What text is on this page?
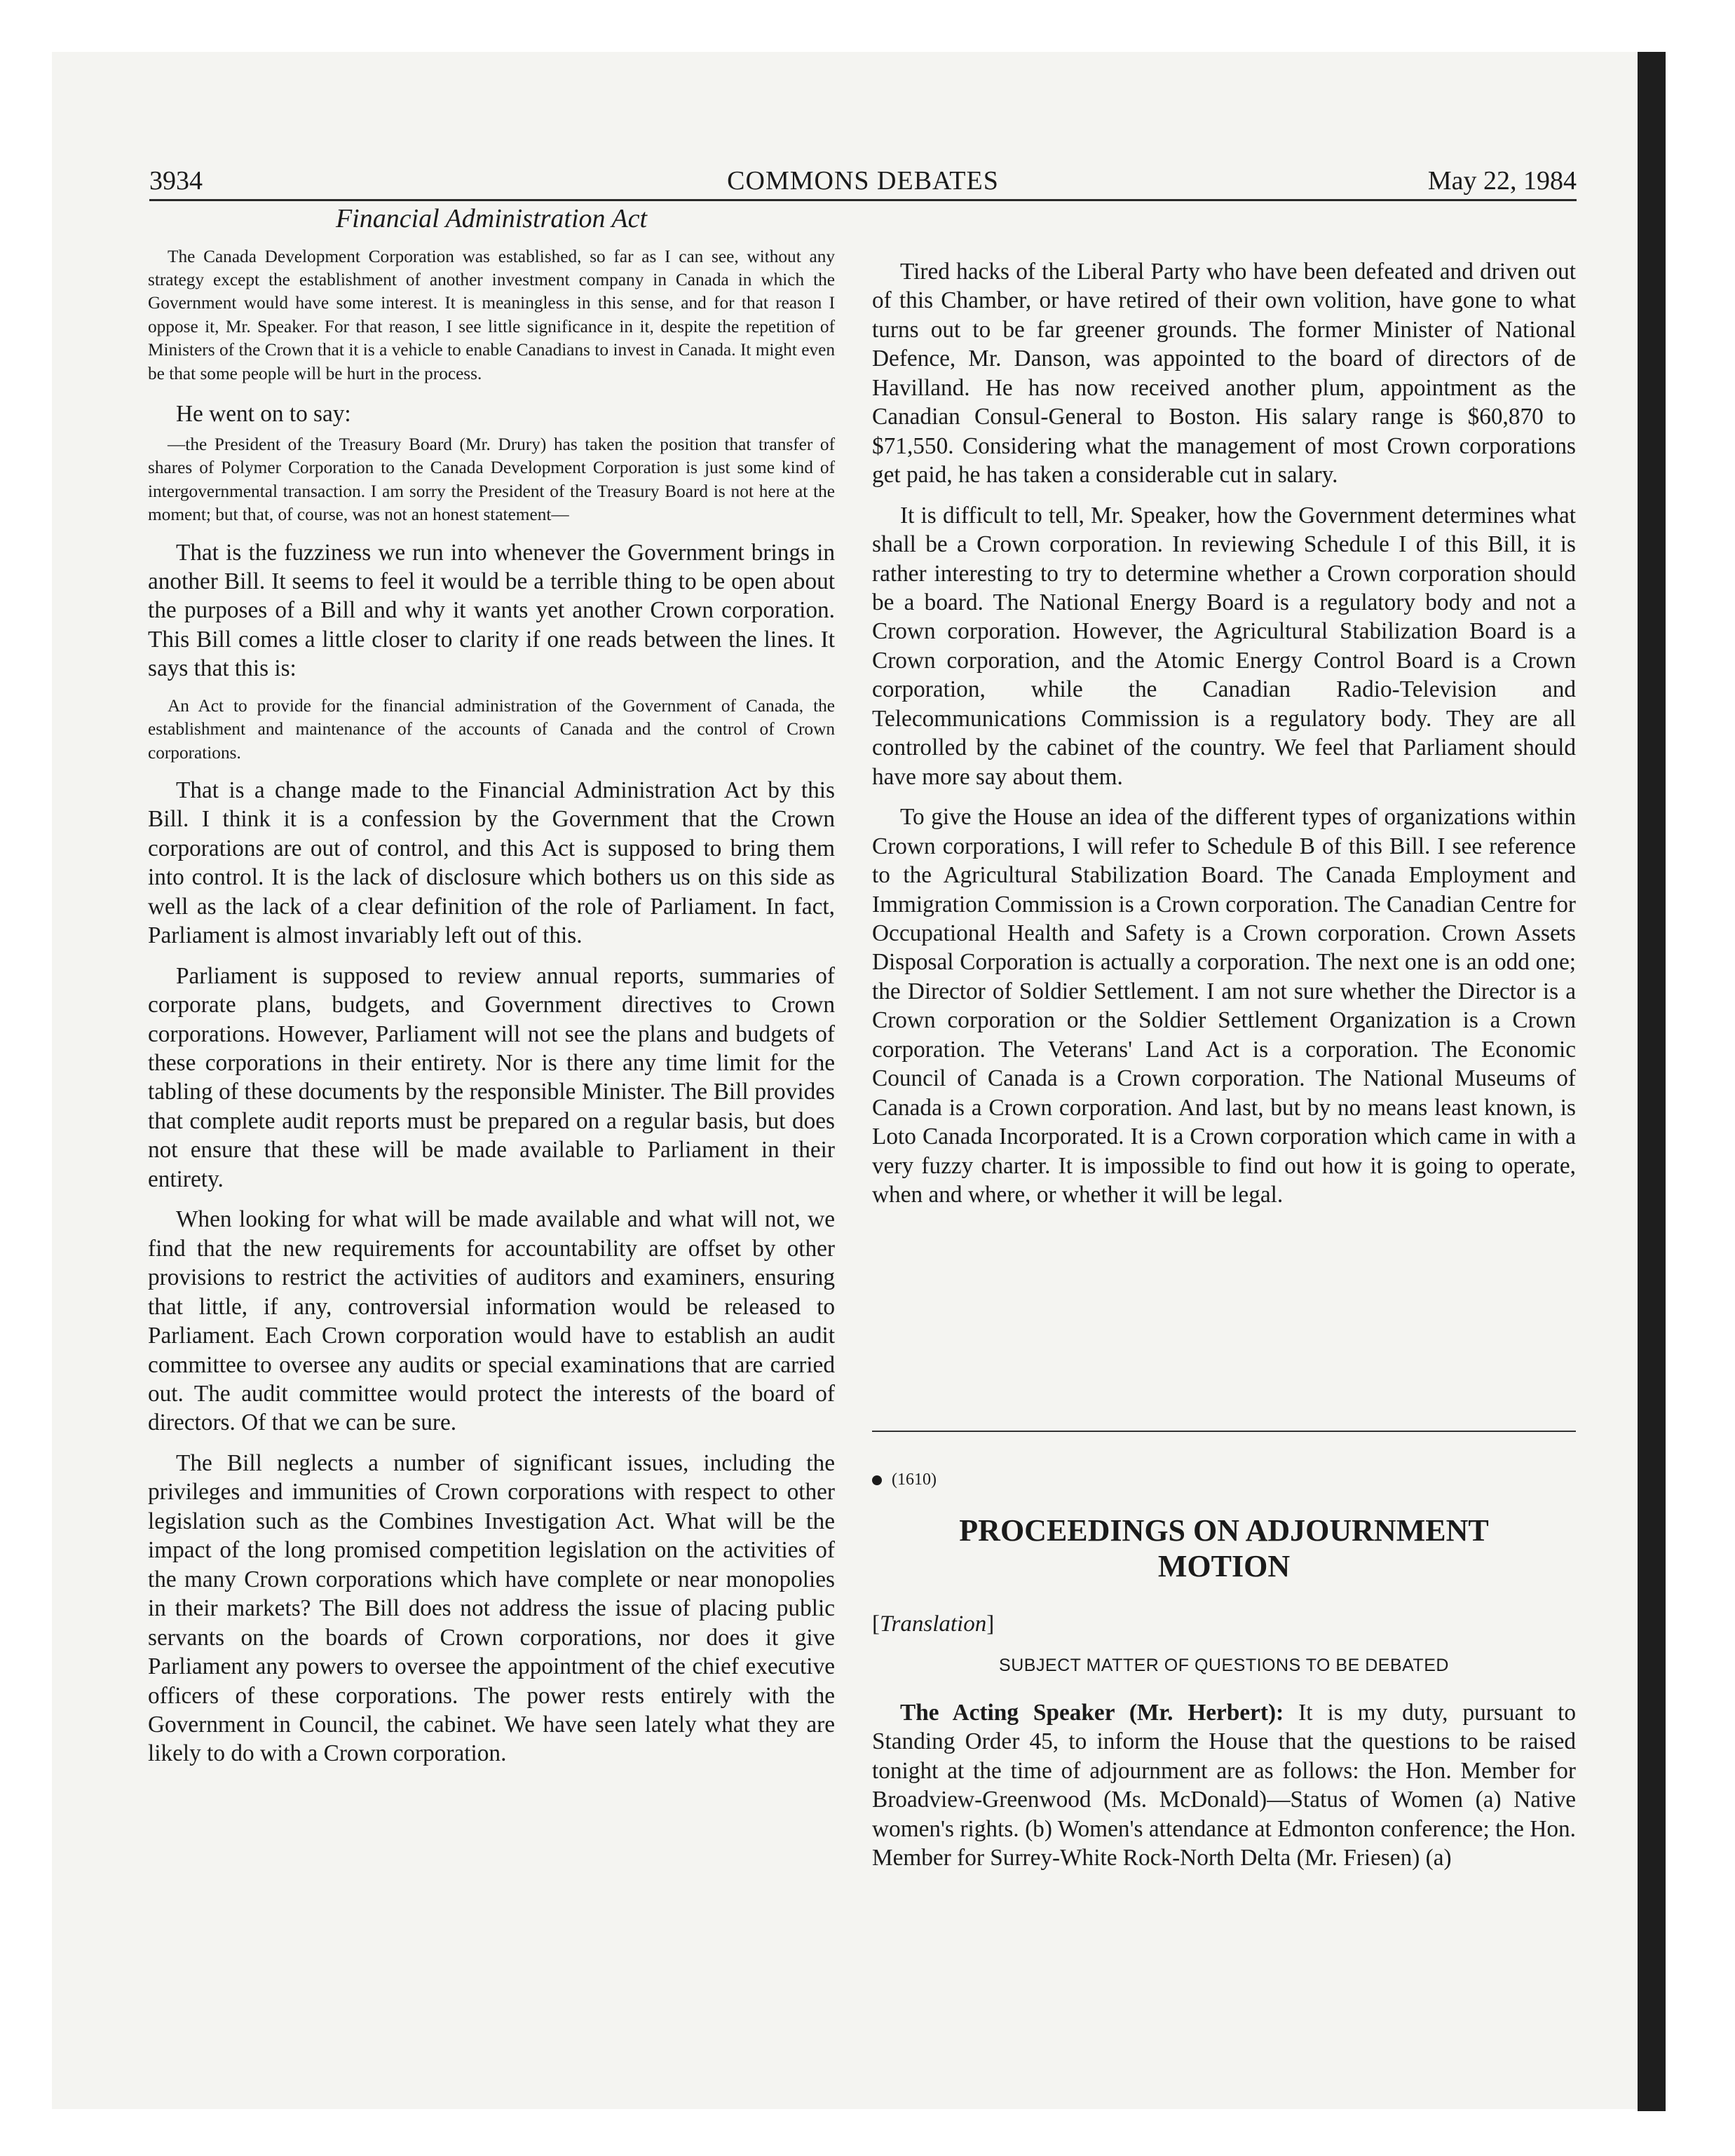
3934	COMMONS DEBATES	May 22, 1984
Financial Administration Act

The Canada Development Corporation was established, so far as I can see, without any strategy except the establishment of another investment company in Canada in which the Government would have some interest. It is meaningless in this sense, and for that reason I oppose it, Mr. Speaker. For that reason, I see little significance in it, despite the repetition of Ministers of the Crown that it is a vehicle to enable Canadians to invest in Canada. It might even be that some people will be hurt in the process.

He went on to say:

—the President of the Treasury Board (Mr. Drury) has taken the position that transfer of shares of Polymer Corporation to the Canada Development Corporation is just some kind of intergovernmental transaction. I am sorry the President of the Treasury Board is not here at the moment; but that, of course, was not an honest statement—

That is the fuzziness we run into whenever the Government brings in another Bill. It seems to feel it would be a terrible thing to be open about the purposes of a Bill and why it wants yet another Crown corporation. This Bill comes a little closer to clarity if one reads between the lines. It says that this is:

An Act to provide for the financial administration of the Government of Canada, the establishment and maintenance of the accounts of Canada and the control of Crown corporations.

That is a change made to the Financial Administration Act by this Bill. I think it is a confession by the Government that the Crown corporations are out of control, and this Act is supposed to bring them into control. It is the lack of disclosure which bothers us on this side as well as the lack of a clear definition of the role of Parliament. In fact, Parliament is almost invariably left out of this.

Parliament is supposed to review annual reports, summaries of corporate plans, budgets, and Government directives to Crown corporations. However, Parliament will not see the plans and budgets of these corporations in their entirety. Nor is there any time limit for the tabling of these documents by the responsible Minister. The Bill provides that complete audit reports must be prepared on a regular basis, but does not ensure that these will be made available to Parliament in their entirety.

When looking for what will be made available and what will not, we find that the new requirements for accountability are offset by other provisions to restrict the activities of auditors and examiners, ensuring that little, if any, controversial information would be released to Parliament. Each Crown corporation would have to establish an audit committee to oversee any audits or special examinations that are carried out. The audit committee would protect the interests of the board of directors. Of that we can be sure.

The Bill neglects a number of significant issues, including the privileges and immunities of Crown corporations with respect to other legislation such as the Combines Investigation Act. What will be the impact of the long promised competition legislation on the activities of the many Crown corporations which have complete or near monopolies in their markets? The Bill does not address the issue of placing public servants on the boards of Crown corporations, nor does it give Parliament any powers to oversee the appointment of the chief executive officers of these corporations. The power rests entirely with the Government in Council, the cabinet. We have seen lately what they are likely to do with a Crown corporation.

Tired hacks of the Liberal Party who have been defeated and driven out of this Chamber, or have retired of their own volition, have gone to what turns out to be far greener grounds. The former Minister of National Defence, Mr. Danson, was appointed to the board of directors of de Havilland. He has now received another plum, appointment as the Canadian Consul-General to Boston. His salary range is $60,870 to $71,550. Considering what the management of most Crown corporations get paid, he has taken a considerable cut in salary.

It is difficult to tell, Mr. Speaker, how the Government determines what shall be a Crown corporation. In reviewing Schedule I of this Bill, it is rather interesting to try to determine whether a Crown corporation should be a board. The National Energy Board is a regulatory body and not a Crown corporation. However, the Agricultural Stabilization Board is a Crown corporation, and the Atomic Energy Control Board is a Crown corporation, while the Canadian Radio-Television and Telecommunications Commission is a regulatory body. They are all controlled by the cabinet of the country. We feel that Parliament should have more say about them.

To give the House an idea of the different types of organizations within Crown corporations, I will refer to Schedule B of this Bill. I see reference to the Agricultural Stabilization Board. The Canada Employment and Immigration Commission is a Crown corporation. The Canadian Centre for Occupational Health and Safety is a Crown corporation. Crown Assets Disposal Corporation is actually a corporation. The next one is an odd one; the Director of Soldier Settlement. I am not sure whether the Director is a Crown corporation or the Soldier Settlement Organization is a Crown corporation. The Veterans' Land Act is a corporation. The Economic Council of Canada is a Crown corporation. The National Museums of Canada is a Crown corporation. And last, but by no means least known, is Loto Canada Incorporated. It is a Crown corporation which came in with a very fuzzy charter. It is impossible to find out how it is going to operate, when and where, or whether it will be legal.

(1610)
PROCEEDINGS ON ADJOURNMENT
MOTION
[Translation]
SUBJECT MATTER OF QUESTIONS TO BE DEBATED

The Acting Speaker (Mr. Herbert): It is my duty, pursuant to Standing Order 45, to inform the House that the questions to be raised tonight at the time of adjournment are as follows: the Hon. Member for Broadview-Greenwood (Ms. McDonald)—Status of Women (a) Native women's rights. (b) Women's attendance at Edmonton conference; the Hon. Member for Surrey-White Rock-North Delta (Mr. Friesen) (a)
